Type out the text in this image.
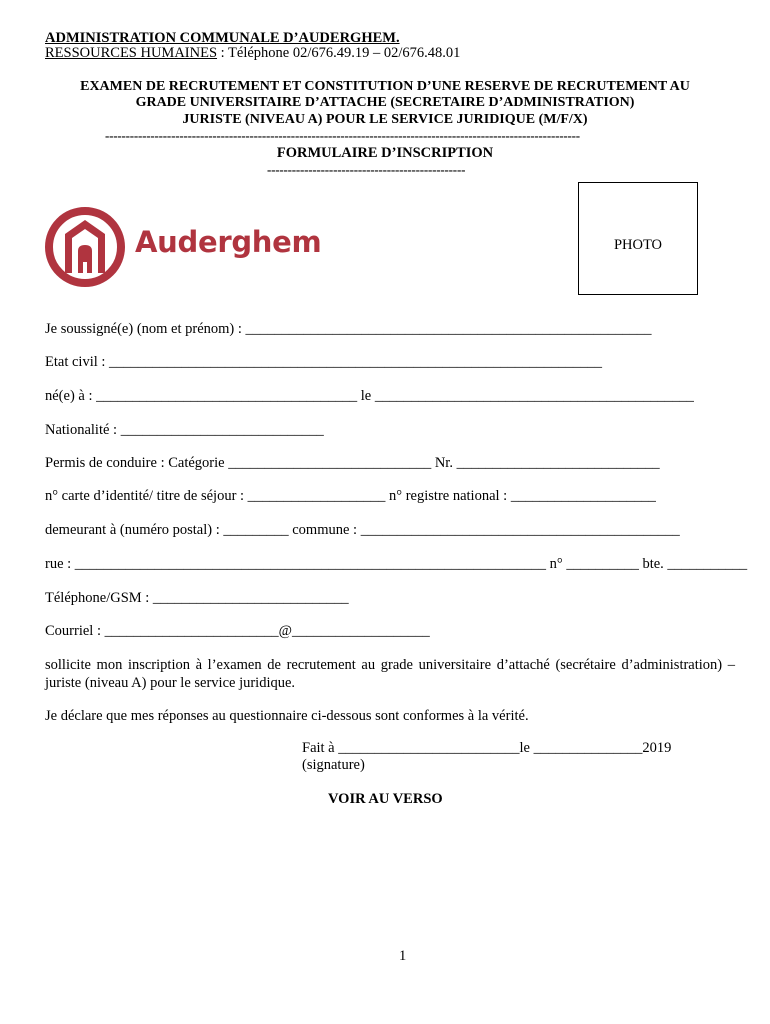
ADMINISTRATION COMMUNALE D’AUDERGHEM.
RESSOURCES HUMAINES : Téléphone 02/676.49.19 – 02/676.48.01
EXAMEN DE RECRUTEMENT ET CONSTITUTION D’UNE RESERVE DE RECRUTEMENT AU
GRADE UNIVERSITAIRE D’ATTACHE (SECRETAIRE D’ADMINISTRATION)
JURISTE (NIVEAU A) POUR LE SERVICE JURIDIQUE (M/F/X)
-------------------------------------------------------------------------------------------------------------------
FORMULAIRE D’INSCRIPTION
------------------------------------------------
Auderghem	PHOTO
Je soussigné(e) (nom et prénom) : ________________________________________________________
Etat civil : ____________________________________________________________________
né(e) à : ____________________________________ le ____________________________________________
Nationalité : ____________________________
Permis de conduire : Catégorie ____________________________ Nr. ____________________________
n° carte d’identité/ titre de séjour : ___________________ n° registre national : ____________________
demeurant à (numéro postal) : _________ commune : ____________________________________________
rue : _________________________________________________________________ n° __________ bte. ___________
Téléphone/GSM : ___________________________
Courriel : ________________________@___________________
sollicite mon inscription à l’examen de recrutement au grade universitaire d’attaché (secrétaire d’administration) – juriste (niveau A) pour le service juridique.
Je déclare que mes réponses au questionnaire ci-dessous sont conformes à la vérité.
Fait à _________________________le _______________2019
(signature)
VOIR AU VERSO
1
